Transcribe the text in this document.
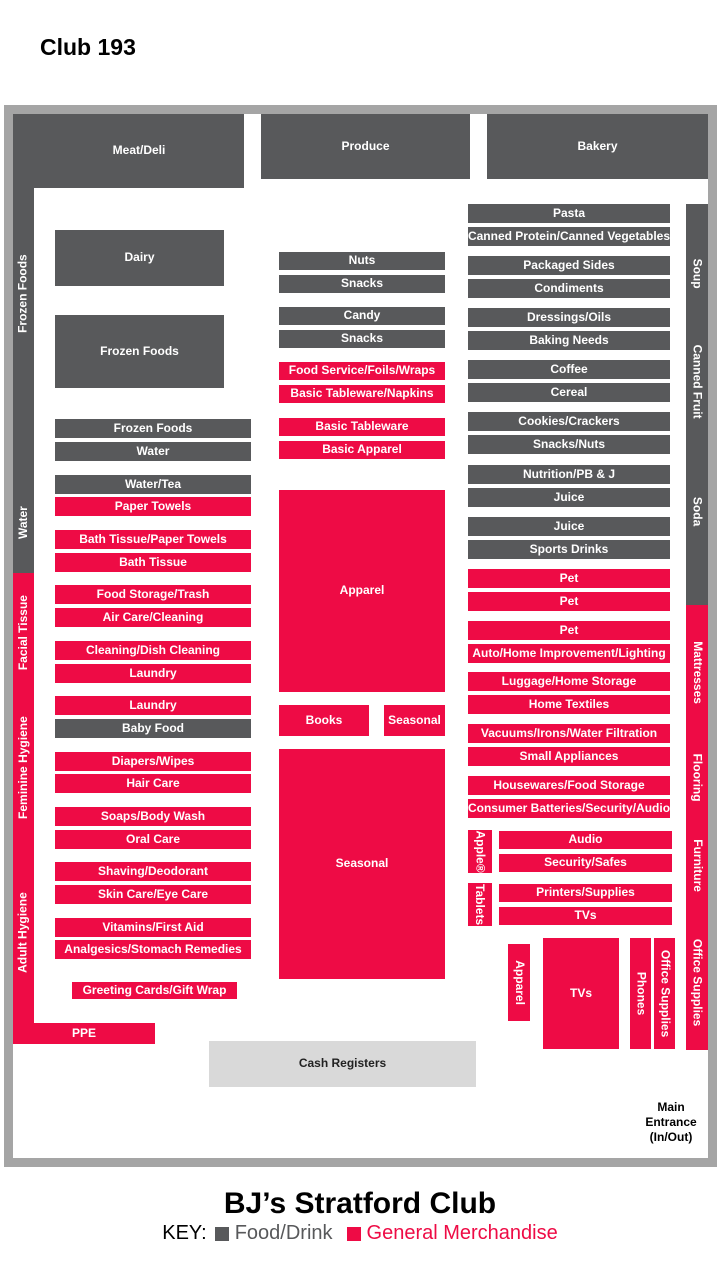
Club 193
Meat/Deli	Produce	Bakery
Dairy
Frozen Foods
Frozen Foods
Water
Facial Tissue
Feminine Hygiene
Adult Hygiene
PPE
Greeting Cards/Gift Wrap
Cash Registers
Nuts
Snacks
Candy
Snacks
Food Service/Foils/Wraps
Basic Tableware/Napkins
Basic Tableware
Basic Apparel
Apparel
Books	Seasonal
Seasonal	Apple®
Tablets
Audio
Security/Safes
Printers/Supplies
TVs
Apparel	TVs	Phones Office Supplies
Soup
Canned Fruit
Soda
Mattresses
Flooring
Furniture
Office Supplies
Frozen Foods
Water
Water/Tea
Paper Towels
Bath Tissue/Paper Towels
Bath Tissue
Food Storage/Trash
Air Care/Cleaning
Cleaning/Dish Cleaning
Laundry
Laundry
Baby Food
Diapers/Wipes
Hair Care
Soaps/Body Wash
Oral Care
Shaving/Deodorant
Skin Care/Eye Care
Vitamins/First Aid
Analgesics/Stomach Remedies
Pasta
Canned Protein/Canned Vegetables
Packaged Sides
Condiments
Dressings/Oils
Baking Needs
Coffee
Cereal
Cookies/Crackers
Snacks/Nuts
Nutrition/PB & J
Juice
Juice
Sports Drinks
Pet
Pet
Pet
Auto/Home Improvement/Lighting
Luggage/Home Storage
Home Textiles
Vacuums/Irons/Water Filtration
Small Appliances
Housewares/Food Storage
Consumer Batteries/Security/Audio
Main
Entrance
(In/Out)
BJ’s Stratford Club
KEY: Food/Drink General Merchandise
